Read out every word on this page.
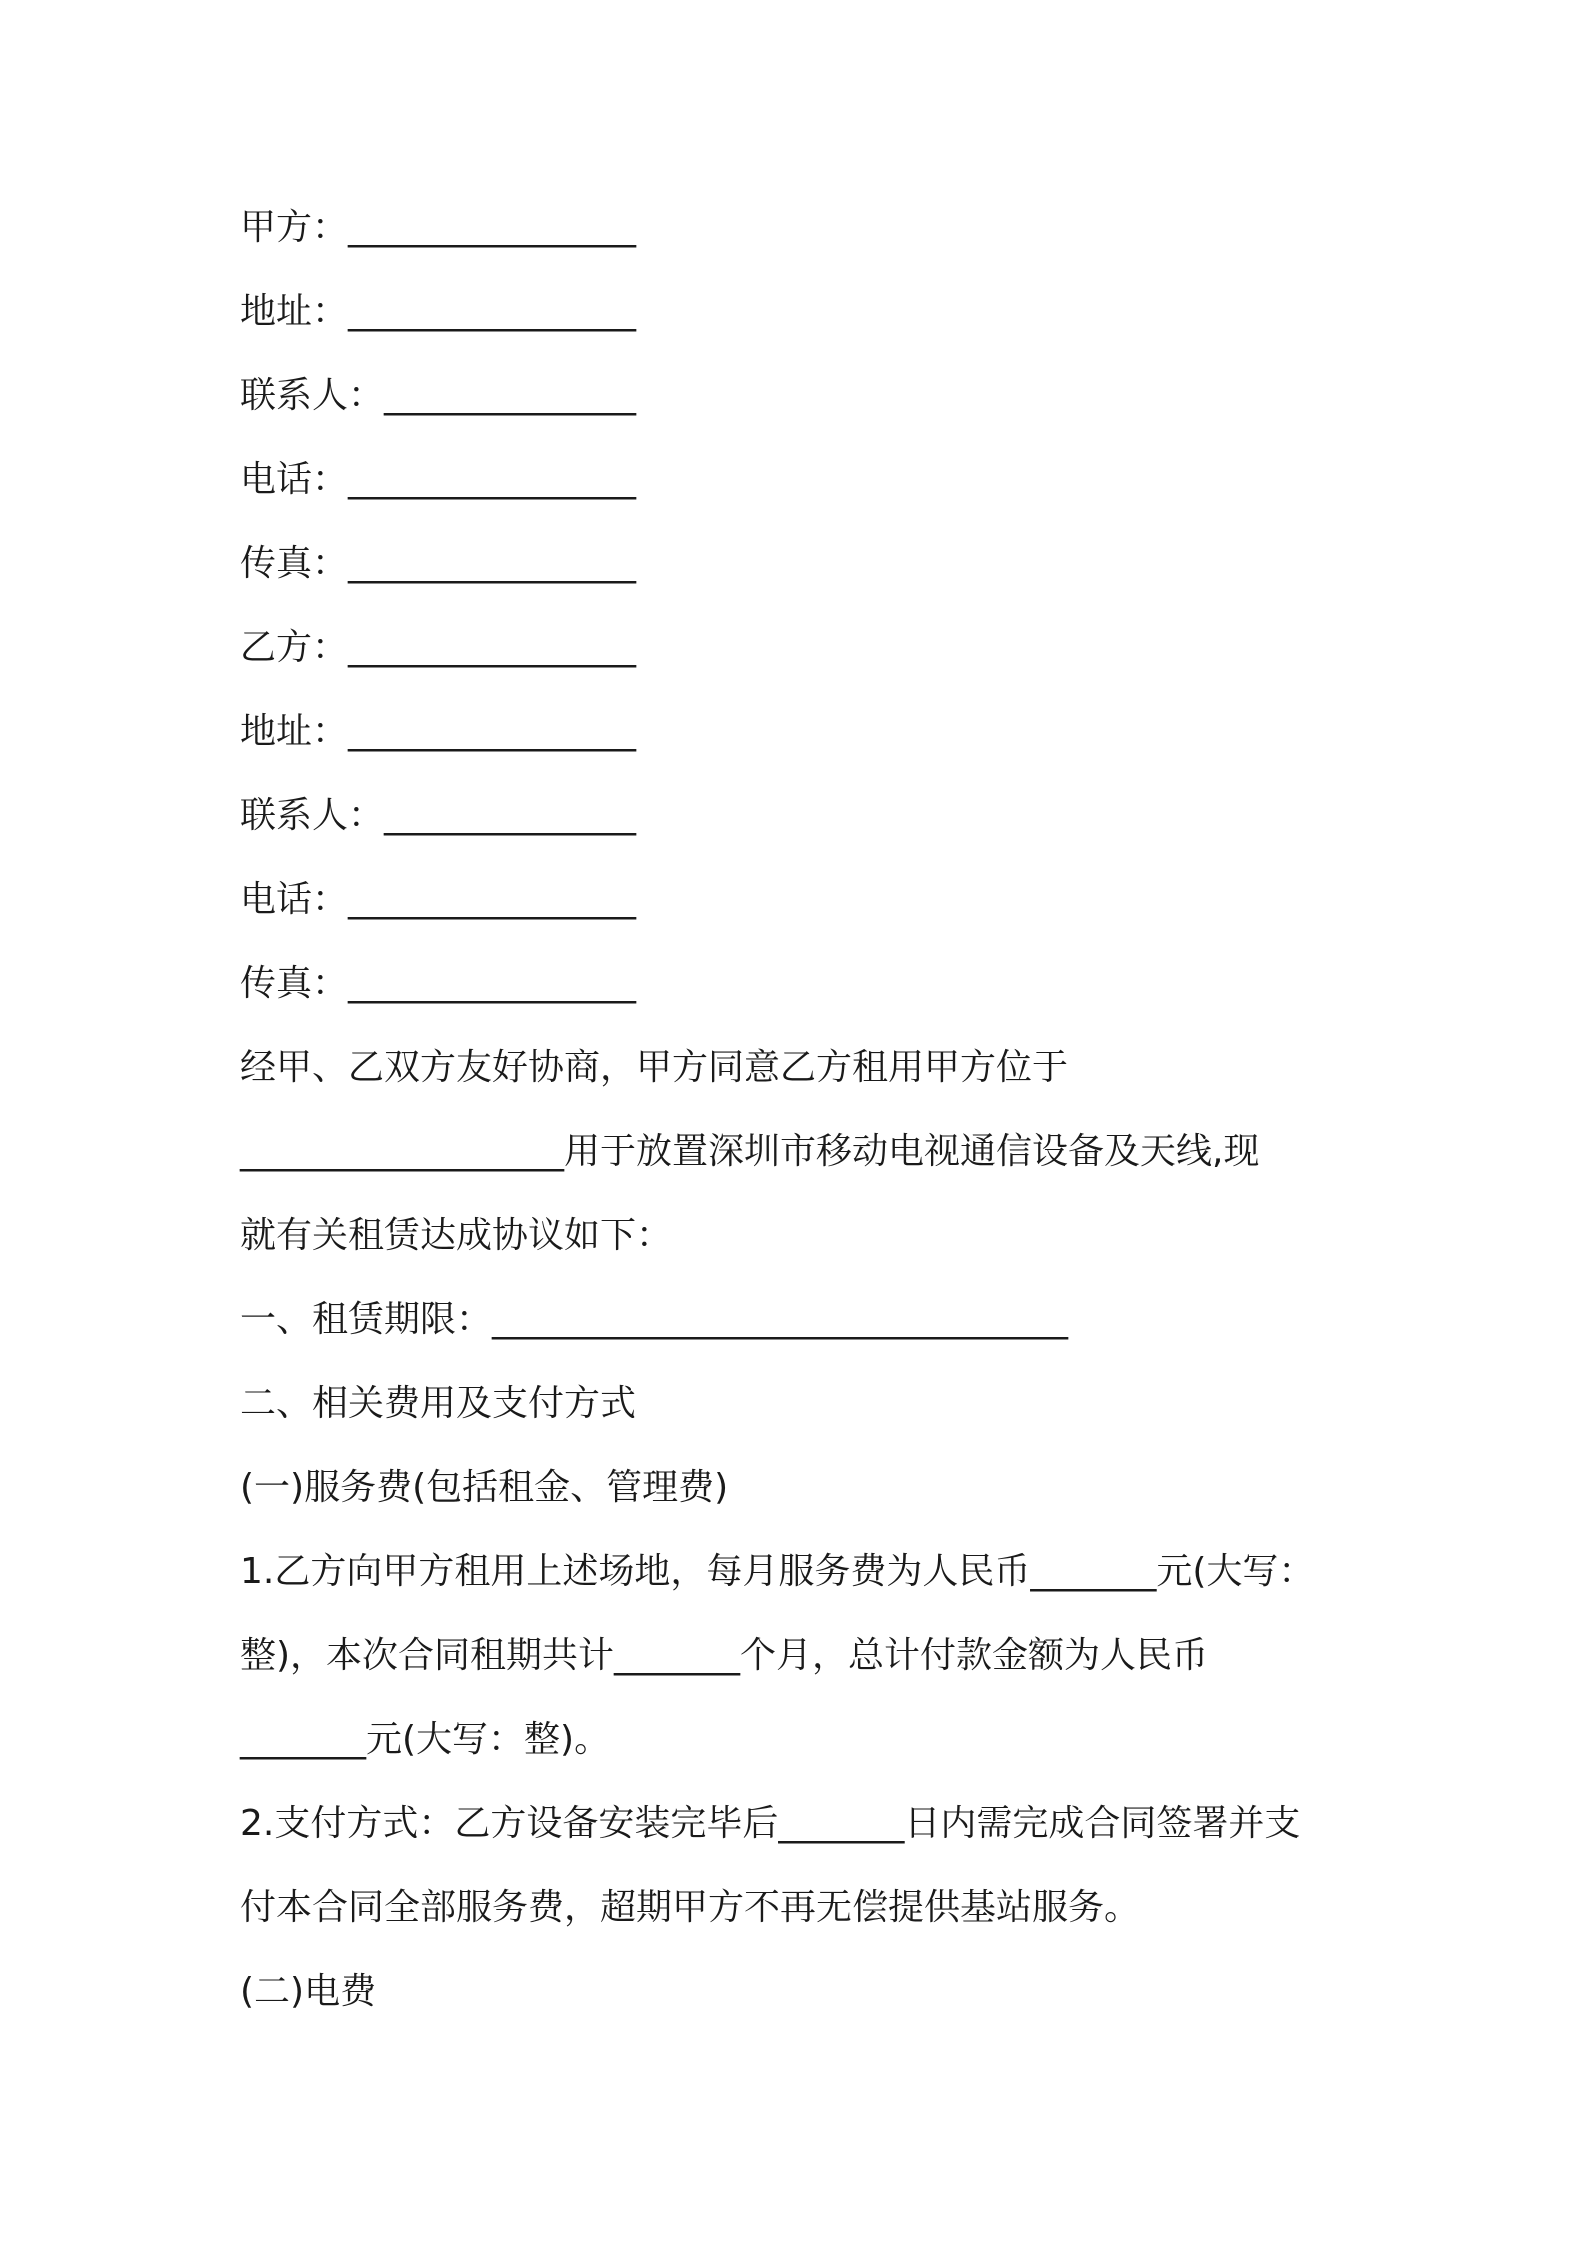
甲方：________________
地址：________________
联系人：______________
电话：________________
传真：________________
乙方：________________
地址：________________
联系人：______________
电话：________________
传真：________________
经甲、乙双方友好协商，甲方同意乙方租用甲方位于
__________________用于放置深圳市移动电视通信设备及天线,现
就有关租赁达成协议如下：
一、租赁期限：________________________________
二、相关费用及支付方式
(一)服务费(包括租金、管理费)
1.乙方向甲方租用上述场地，每月服务费为人民币_______元(大写：
整)，本次合同租期共计_______个月，总计付款金额为人民币
_______元(大写：整)。
2.支付方式：乙方设备安装完毕后_______日内需完成合同签署并支
付本合同全部服务费，超期甲方不再无偿提供基站服务。
(二)电费
